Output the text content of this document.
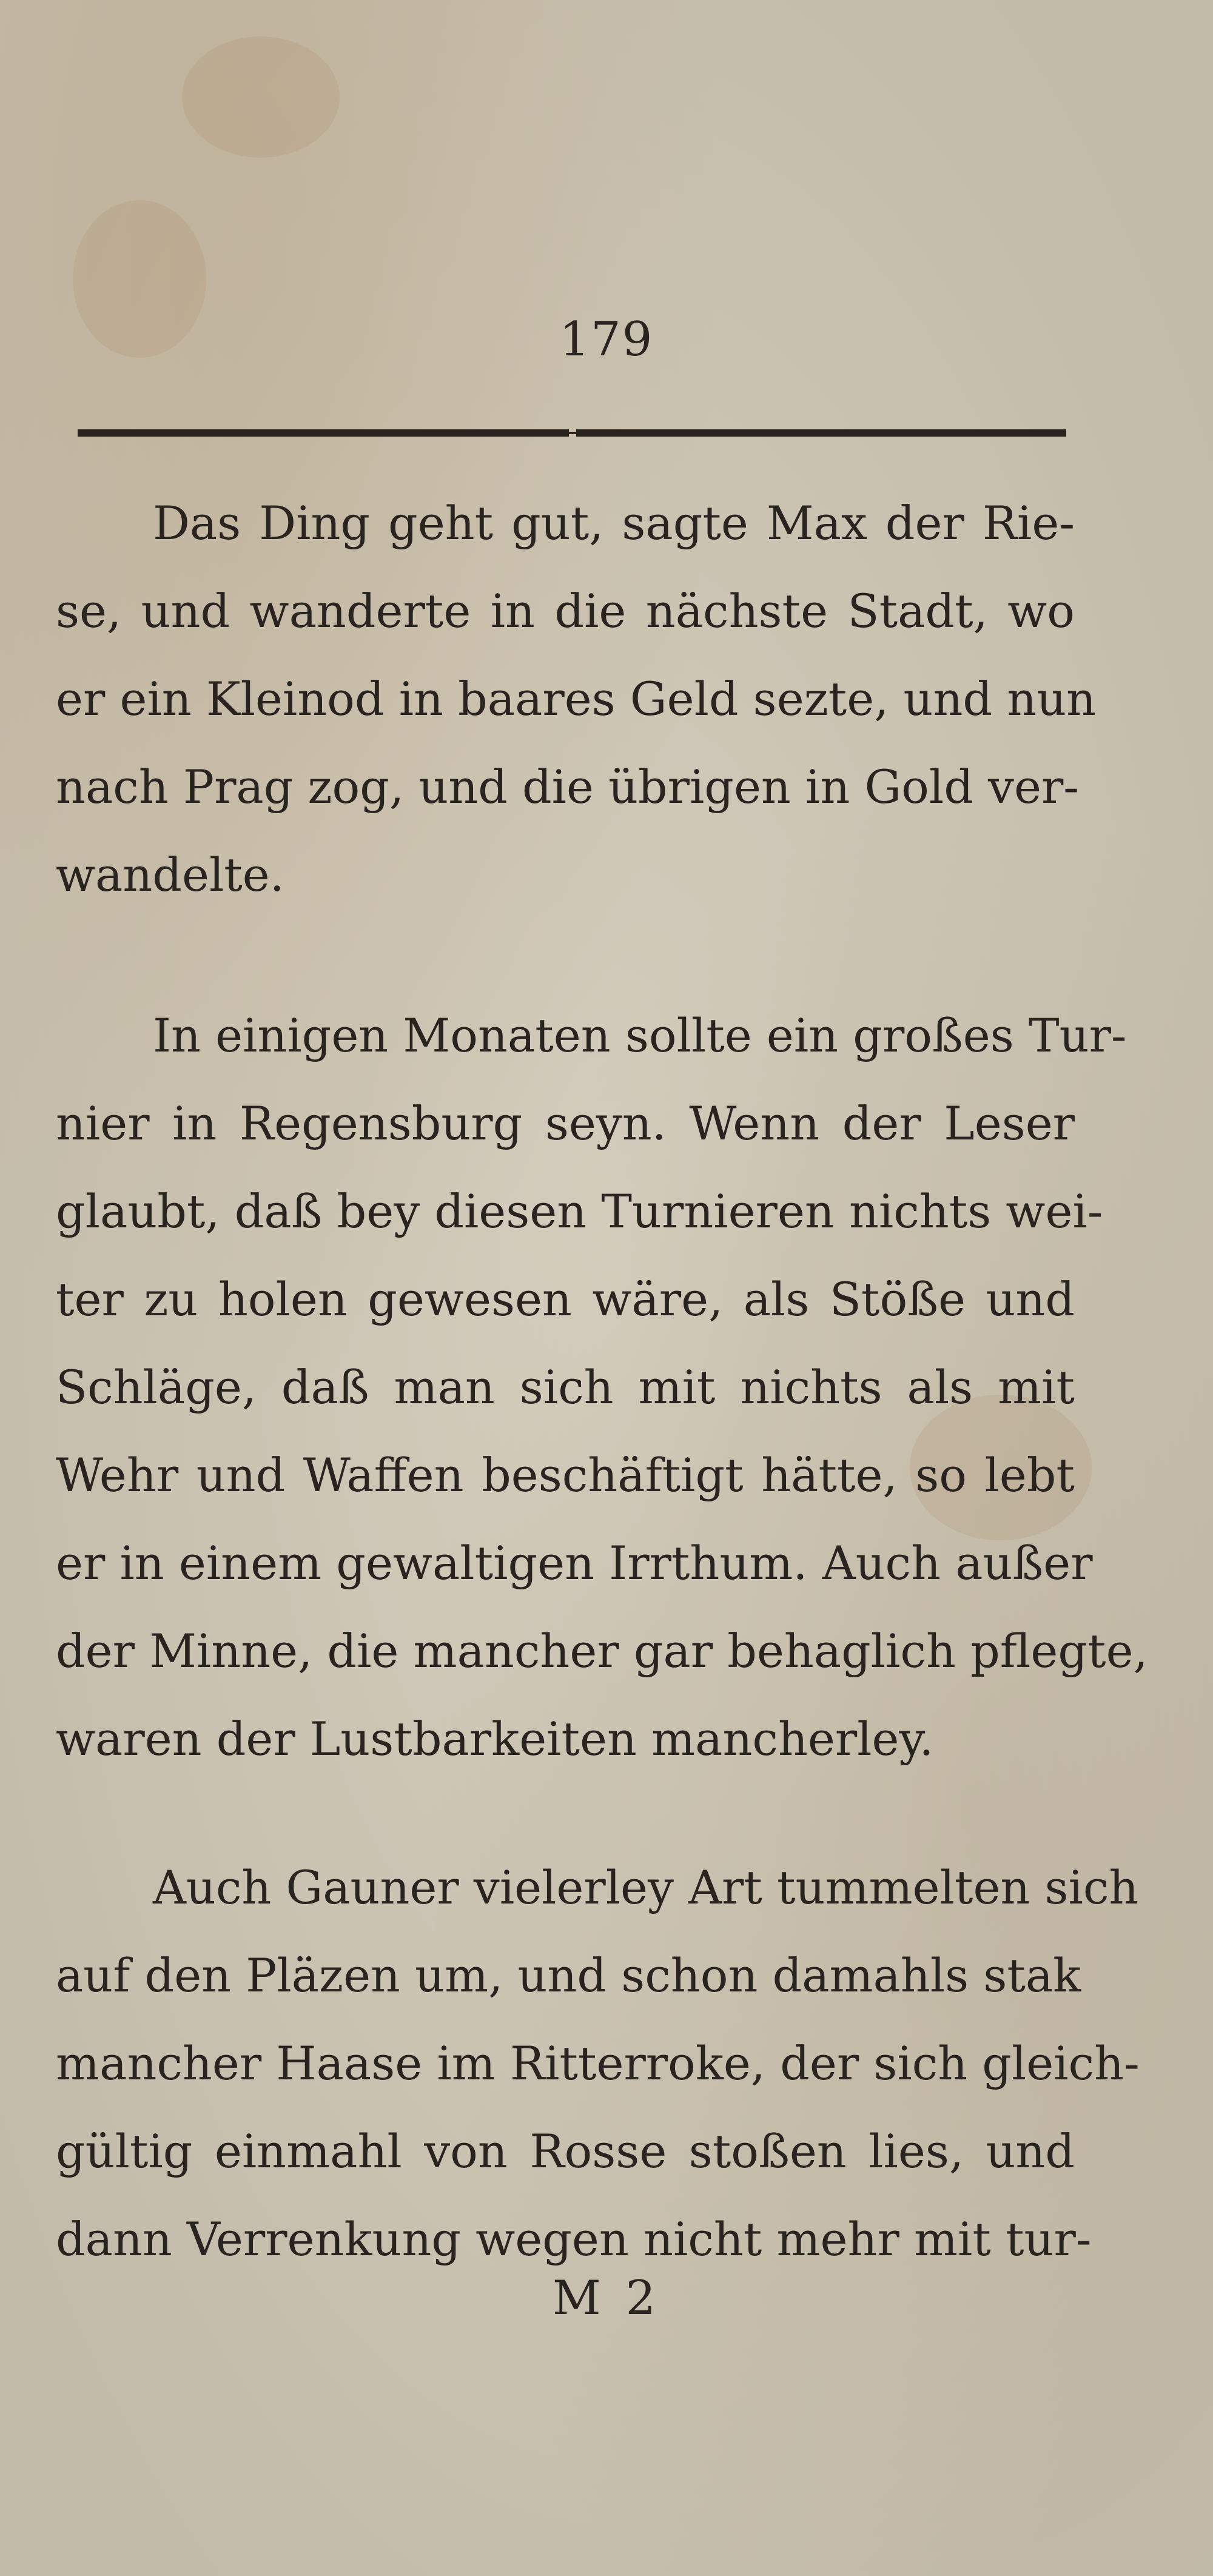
179
Das Ding geht gut, sagte Max der Rie-
se, und wanderte in die nächste Stadt, wo
er ein Kleinod in baares Geld sezte, und nun
nach Prag zog, und die übrigen in Gold ver-
wandelte.
In einigen Monaten sollte ein großes Tur-
nier in Regensburg seyn. Wenn der Leser
glaubt, daß bey diesen Turnieren nichts wei-
ter zu holen gewesen wäre, als Stöße und
Schläge, daß man sich mit nichts als mit
Wehr und Waffen beschäftigt hätte, so lebt
er in einem gewaltigen Irrthum. Auch außer
der Minne, die mancher gar behaglich pflegte,
waren der Lustbarkeiten mancherley.
Auch Gauner vielerley Art tummelten sich
auf den Pläzen um, und schon damahls stak
mancher Haase im Ritterroke, der sich gleich-
gültig einmahl von Rosse stoßen lies, und
dann Verrenkung wegen nicht mehr mit tur-
M 2
